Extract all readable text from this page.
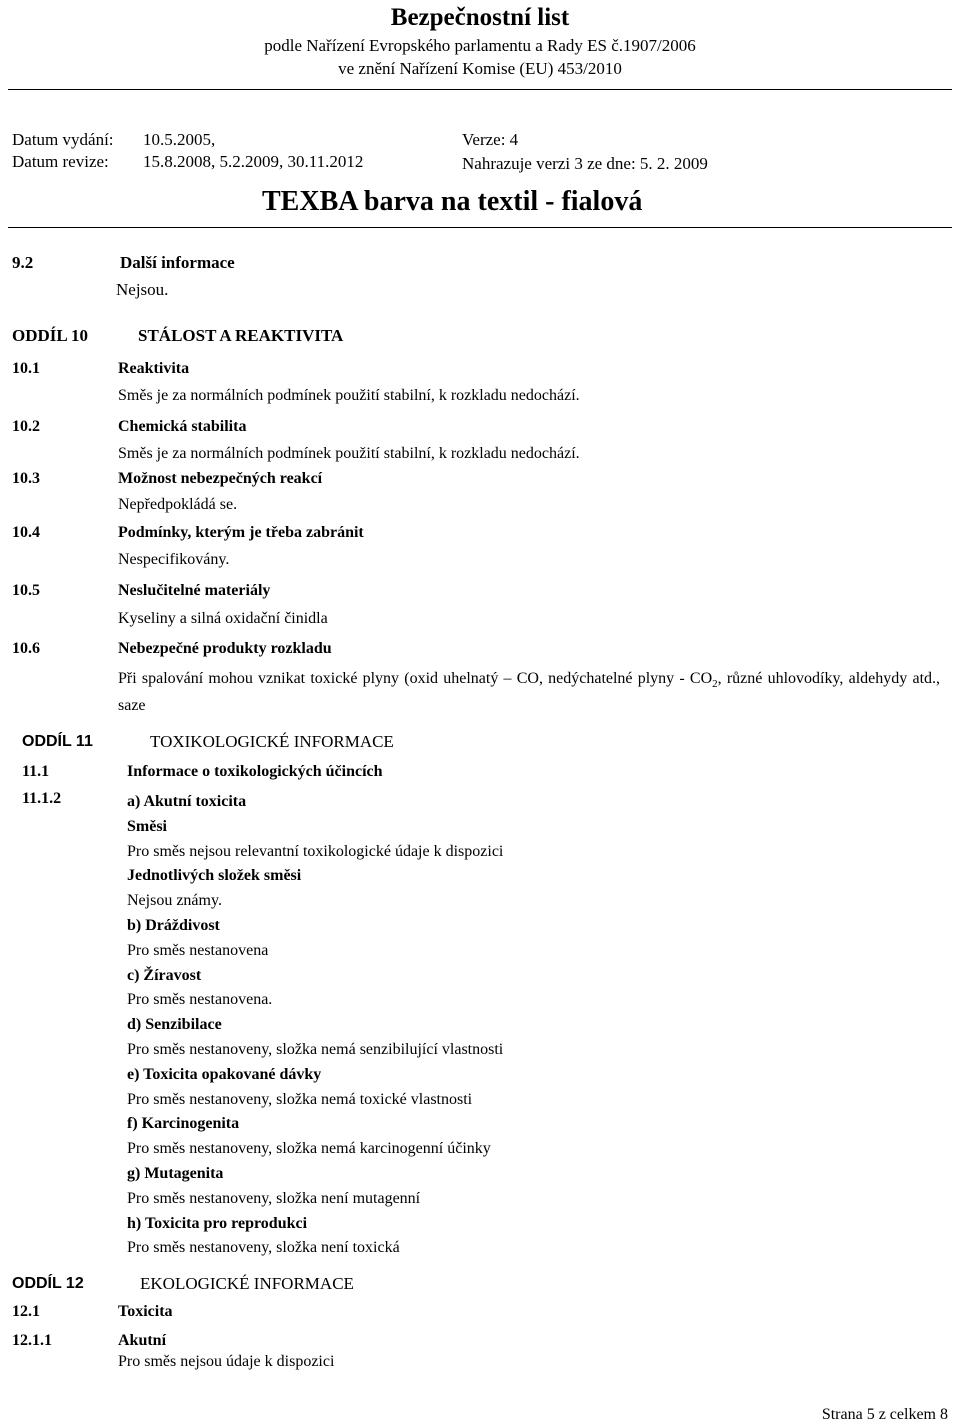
Bezpečnostní list
podle Nařízení Evropského parlamentu a Rady ES č.1907/2006
ve znění Nařízení Komise (EU) 453/2010
Datum vydání: 10.5.2005,
Datum revize: 15.8.2008, 5.2.2009, 30.11.2012
Verze: 4
Nahrazuje verzi 3 ze dne: 5. 2. 2009
TEXBA barva na textil - fialová
9.2	Další informace
Nejsou.
ODDÍL 10	STÁLOST A REAKTIVITA
10.1	Reaktivita
Směs je za normálních podmínek použití stabilní, k rozkladu nedochází.
10.2	Chemická stabilita
Směs je za normálních podmínek použití stabilní, k rozkladu nedochází.
10.3	Možnost nebezpečných reakcí
Nepředpokládá se.
10.4	Podmínky, kterým je třeba zabránit
Nespecifikovány.
10.5	Neslučitelné materiály
Kyseliny a silná oxidační činidla
10.6	Nebezpečné produkty rozkladu
Při spalování mohou vznikat toxické plyny (oxid uhelnatý – CO, nedýchatelné plyny - $CO_2$, různé uhlovodíky, aldehydy atd., saze
ODDÍL 11	TOXIKOLOGICKÉ INFORMACE
11.1	Informace o toxikologických účincích
11.1.2	a) Akutní toxicita
Směsi
Pro směs nejsou relevantní toxikologické údaje k dispozici
Jednotlivých složek směsi
Nejsou známy.
b) Dráždivost
Pro směs nestanovena
c) Žíravost
Pro směs nestanovena.
d) Senzibilace
Pro směs nestanoveny, složka nemá senzibilující vlastnosti
e) Toxicita opakované dávky
Pro směs nestanoveny, složka nemá toxické vlastnosti
f) Karcinogenita
Pro směs nestanoveny, složka nemá karcinogenní účinky
g) Mutagenita
Pro směs nestanoveny, složka není mutagenní
h) Toxicita pro reprodukci
Pro směs nestanoveny, složka není toxická
ODDÍL 12	EKOLOGICKÉ INFORMACE
12.1	Toxicita
12.1.1	Akutní
Pro směs nejsou údaje k dispozici
Strana 5 z celkem 8
